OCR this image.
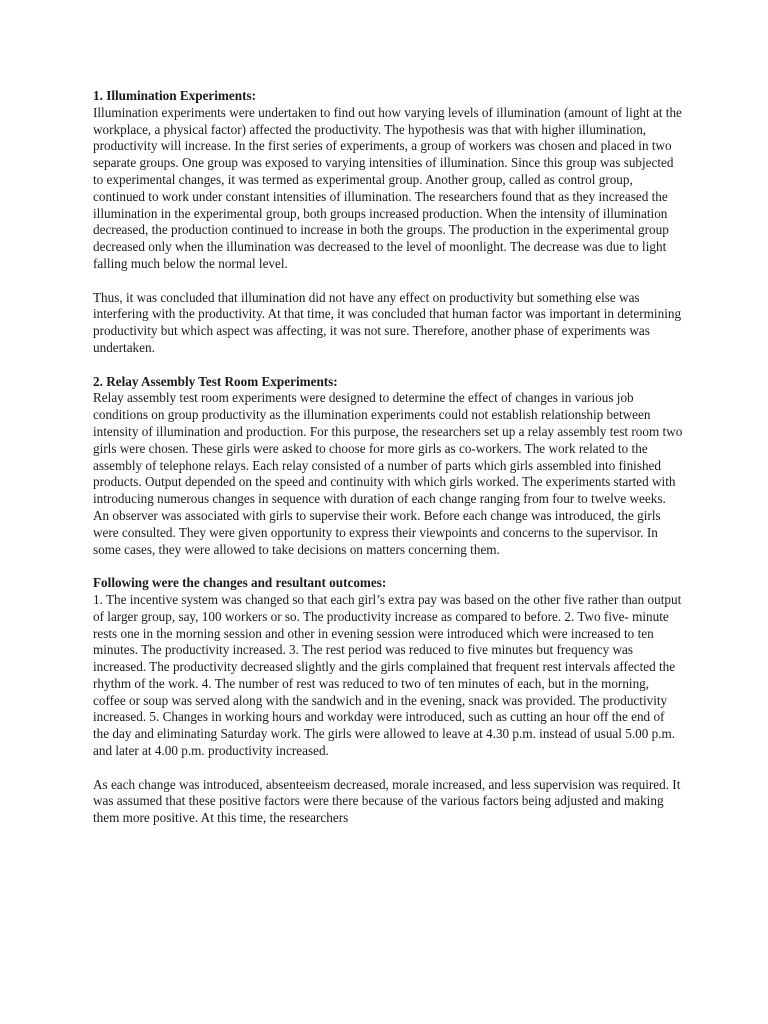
1. Illumination Experiments:

Illumination experiments were undertaken to find out how varying levels of illumination (amount of light at the workplace, a physical factor) affected the productivity. The hypothesis was that with higher illumination, productivity will increase. In the first series of experiments, a group of workers was chosen and placed in two separate groups. One group was exposed to varying intensities of illumination. Since this group was subjected to experimental changes, it was termed as experimental group. Another group, called as control group, continued to work under constant intensities of illumination. The researchers found that as they increased the illumination in the experimental group, both groups increased production. When the intensity of illumination decreased, the production continued to increase in both the groups. The production in the experimental group decreased only when the illumination was decreased to the level of moonlight. The decrease was due to light falling much below the normal level.

Thus, it was concluded that illumination did not have any effect on productivity but something else was interfering with the productivity. At that time, it was concluded that human factor was important in determining productivity but which aspect was affecting, it was not sure. Therefore, another phase of experiments was undertaken.

2. Relay Assembly Test Room Experiments:

Relay assembly test room experiments were designed to determine the effect of changes in various job conditions on group productivity as the illumination experiments could not establish relationship between intensity of illumination and production. For this purpose, the researchers set up a relay assembly test room two girls were chosen. These girls were asked to choose for more girls as co-workers. The work related to the assembly of telephone relays. Each relay consisted of a number of parts which girls assembled into finished products. Output depended on the speed and continuity with which girls worked. The experiments started with introducing numerous changes in sequence with duration of each change ranging from four to twelve weeks. An observer was associated with girls to supervise their work. Before each change was introduced, the girls were consulted. They were given opportunity to express their viewpoints and concerns to the supervisor. In some cases, they were allowed to take decisions on matters concerning them.

Following were the changes and resultant outcomes:

1. The incentive system was changed so that each girl’s extra pay was based on the other five rather than output of larger group, say, 100 workers or so. The productivity increase as compared to before. 2. Two five- minute rests one in the morning session and other in evening session were introduced which were increased to ten minutes. The productivity increased. 3. The rest period was reduced to five minutes but frequency was increased. The productivity decreased slightly and the girls complained that frequent rest intervals affected the rhythm of the work. 4. The number of rest was reduced to two of ten minutes of each, but in the morning, coffee or soup was served along with the sandwich and in the evening, snack was provided. The productivity increased. 5. Changes in working hours and workday were introduced, such as cutting an hour off the end of the day and eliminating Saturday work. The girls were allowed to leave at 4.30 p.m. instead of usual 5.00 p.m. and later at 4.00 p.m. productivity increased.

As each change was introduced, absenteeism decreased, morale increased, and less supervision was required. It was assumed that these positive factors were there because of the various factors being adjusted and making them more positive. At this time, the researchers
